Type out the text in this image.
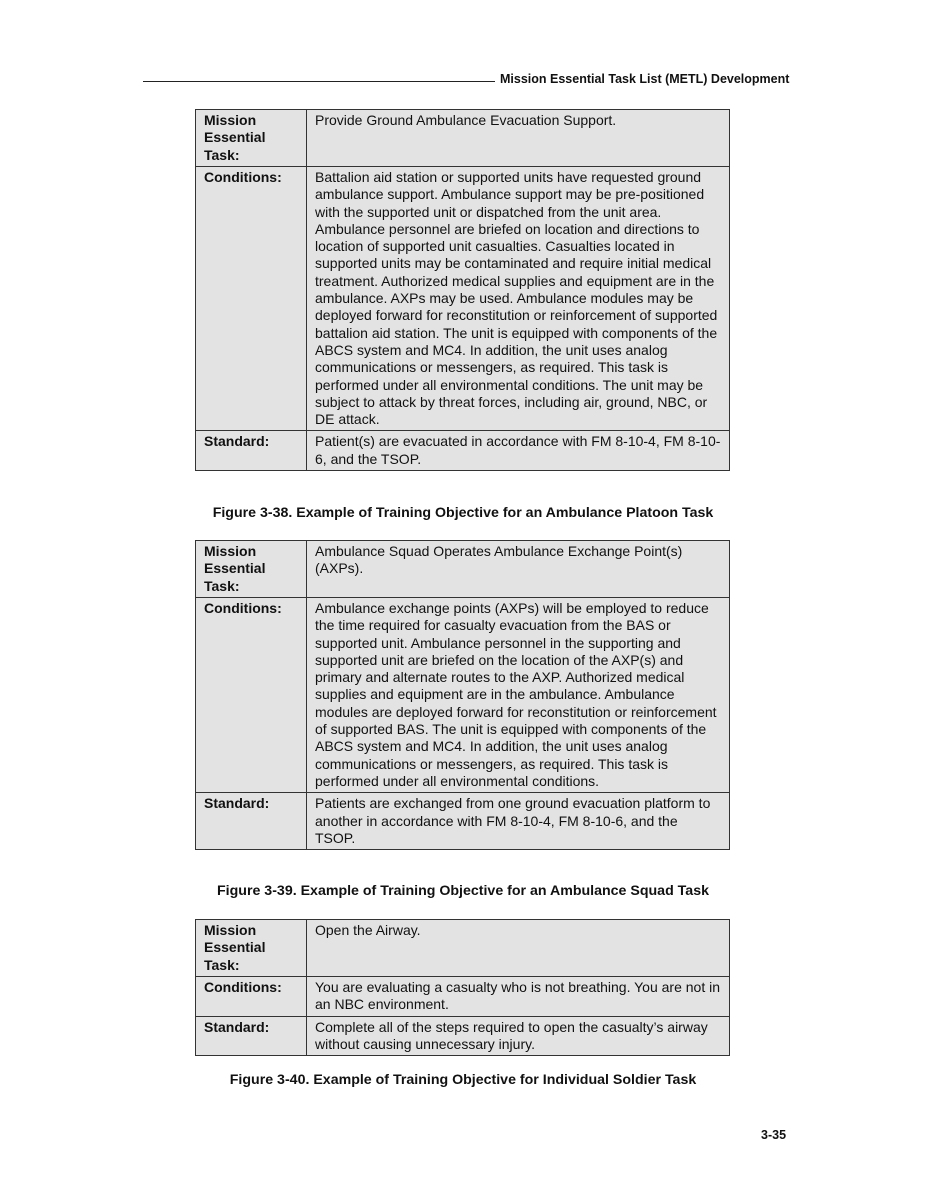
Mission Essential Task List (METL) Development
Mission Essential Task:	Provide Ground Ambulance Evacuation Support.
Conditions:	Battalion aid station or supported units have requested ground ambulance support. Ambulance support may be pre-positioned with the supported unit or dispatched from the unit area. Ambulance personnel are briefed on location and directions to location of supported unit casualties. Casualties located in supported units may be contaminated and require initial medical treatment. Authorized medical supplies and equipment are in the ambulance. AXPs may be used. Ambulance modules may be deployed forward for reconstitution or reinforcement of supported battalion aid station. The unit is equipped with components of the ABCS system and MC4. In addition, the unit uses analog communications or messengers, as required. This task is performed under all environmental conditions. The unit may be subject to attack by threat forces, including air, ground, NBC, or DE attack.
Standard:	Patient(s) are evacuated in accordance with FM 8-10-4, FM 8-10-6, and the TSOP.
Figure 3-38. Example of Training Objective for an Ambulance Platoon Task
Mission Essential Task:	Ambulance Squad Operates Ambulance Exchange Point(s) (AXPs).
Conditions:	Ambulance exchange points (AXPs) will be employed to reduce the time required for casualty evacuation from the BAS or supported unit. Ambulance personnel in the supporting and supported unit are briefed on the location of the AXP(s) and primary and alternate routes to the AXP. Authorized medical supplies and equipment are in the ambulance. Ambulance modules are deployed forward for reconstitution or reinforcement of supported BAS. The unit is equipped with components of the ABCS system and MC4. In addition, the unit uses analog communications or messengers, as required. This task is performed under all environmental conditions.
Standard:	Patients are exchanged from one ground evacuation platform to another in accordance with FM 8-10-4, FM 8-10-6, and the TSOP.
Figure 3-39. Example of Training Objective for an Ambulance Squad Task
Mission Essential Task:	Open the Airway.
Conditions:	You are evaluating a casualty who is not breathing. You are not in an NBC environment.
Standard:	Complete all of the steps required to open the casualty’s airway without causing unnecessary injury.
Figure 3-40. Example of Training Objective for Individual Soldier Task
3-35
